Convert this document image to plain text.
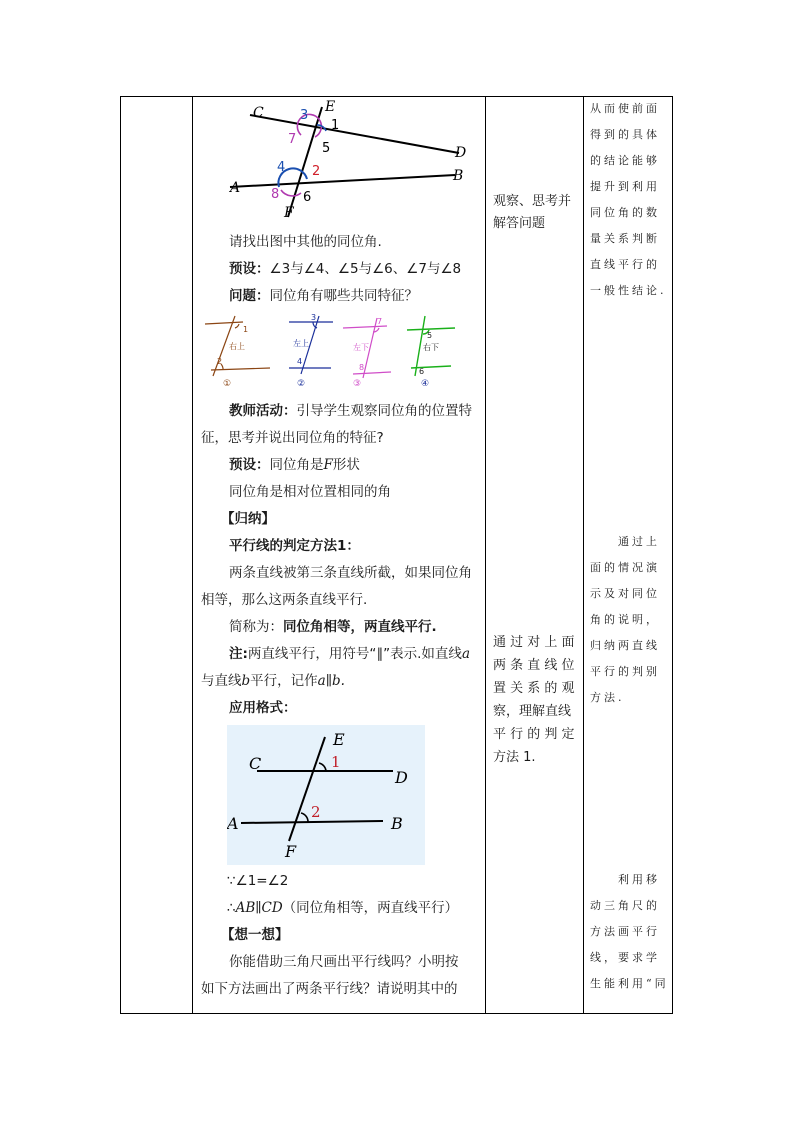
C	E
D
A
B
F
3
1
7
5
4 2
8 6
请找出图中其他的同位角.
预设：∠3与∠4、∠5与∠6、∠7与∠8
问题：同位角有哪些共同特征？
1
2
右上
①
3
4
左上
②
7
8
左下
③
5
6
右下
④
教师活动：引导学生观察同位角的位置特
征，思考并说出同位角的特征?
预设：同位角是F形状
同位角是相对位置相同的角
【归纳】
平行线的判定方法1：
两条直线被第三条直线所截，如果同位角
相等，那么这两条直线平行.
简称为：同位角相等，两直线平行.
注:两直线平行，用符号“∥”表示.如直线a
与直线b平行，记作a∥b.
应用格式：
C
E
D
A	B
F
1
2
∵∠1=∠2
∴AB∥CD（同位角相等，两直线平行）
【想一想】
你能借助三角尺画出平行线吗？小明按
如下方法画出了两条平行线？请说明其中的
观察、思考并
解答问题
通 过 对 上 面
两 条 直 线 位
置 关 系 的 观
察，理解直线
平 行 的 判 定
方法 1.
从而使前面
得到的具体
的结论能够
提升到利用
同位角的数
量关系判断
直线平行的
一般性结论.
通过上
面的情况演
示及对同位
角的说明，
归纳两直线
平行的判别
方法.
利用移
动三角尺的
方法画平行
线，要求学
生能利用“同
